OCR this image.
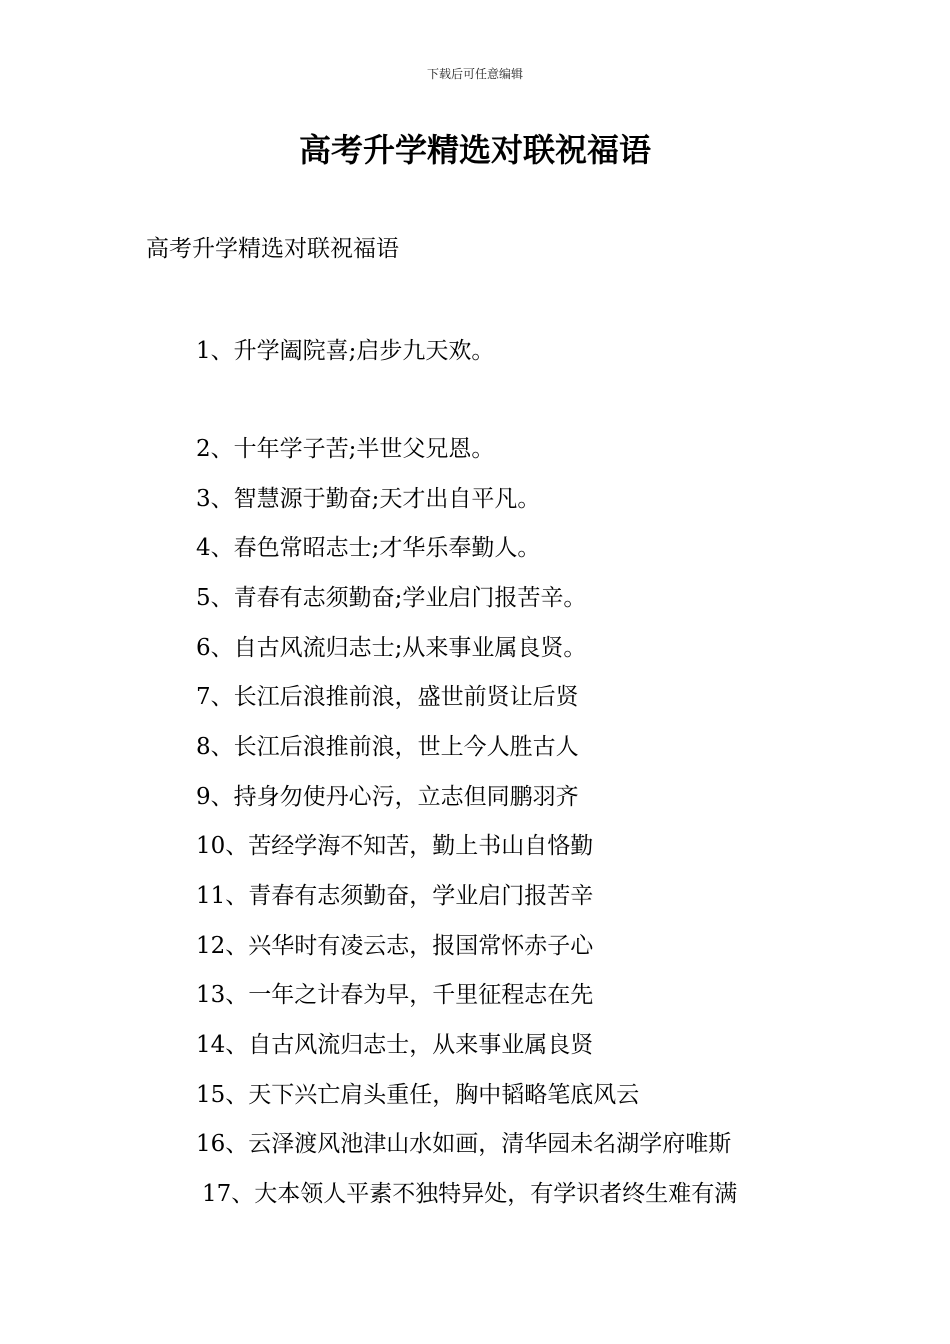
下载后可任意编辑
高考升学精选对联祝福语
高考升学精选对联祝福语
1、升学阖院喜;启步九天欢。
2、十年学子苦;半世父兄恩。
3、智慧源于勤奋;天才出自平凡。
4、春色常昭志士;才华乐奉勤人。
5、青春有志须勤奋;学业启门报苦辛。
6、自古风流归志士;从来事业属良贤。
7、长江后浪推前浪，盛世前贤让后贤
8、长江后浪推前浪，世上今人胜古人
9、持身勿使丹心污，立志但同鹏羽齐
10、苦经学海不知苦，勤上书山自恪勤
11、青春有志须勤奋，学业启门报苦辛
12、兴华时有凌云志，报国常怀赤子心
13、一年之计春为早，千里征程志在先
14、自古风流归志士，从来事业属良贤
15、天下兴亡肩头重任，胸中韬略笔底风云
16、云泽渡风池津山水如画，清华园未名湖学府唯斯
17、大本领人平素不独特异处，有学识者终生难有满
